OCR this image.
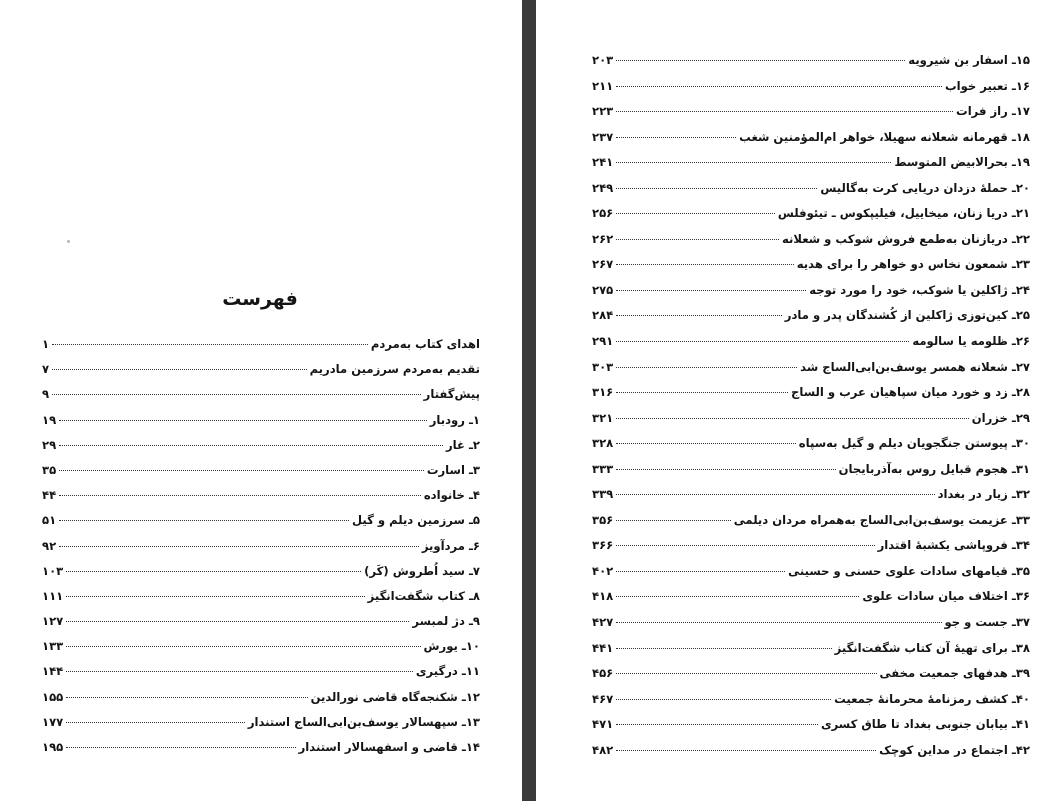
فهرست
اهدای کتاب به‌مردم
۱
تقدیم به‌مردم سرزمین مادریم
۷
پیش‌گفتار
۹
۱ـ رودبار
۱۹
۲ـ غار
۲۹
۳ـ اسارت
۳۵
۴ـ خانواده
۴۴
۵ـ سرزمین دیلم و گیل
۵۱
۶ـ مردآویز
۹۲
۷ـ سید اُطروش (کَر)
۱۰۳
۸ـ کتاب شگفت‌انگیز
۱۱۱
۹ـ دژ لمبسر
۱۲۷
۱۰ـ یورش
۱۳۳
۱۱ـ درگیری
۱۴۴
۱۲ـ شکنجه‌گاه قاضی نورالدین
۱۵۵
۱۳ـ سپهسالار یوسف‌بن‌ابی‌الساج استندار
۱۷۷
۱۴ـ قاضی و اسفهسالار استندار
۱۹۵
۱۵ـ اسفار بن شیرویه
۲۰۳
۱۶ـ تعبیر خواب
۲۱۱
۱۷ـ راز فرات
۲۲۳
۱۸ـ قهرمانه شعلانه سهیلا، خواهر ام‌المؤمنین شغب
۲۳۷
۱۹ـ بحرالابیض المتوسط
۲۴۱
۲۰ـ حملهٔ دزدان دریایی کرت به‌گالیس
۲۴۹
۲۱ـ دریا زنان، میخاییل، فیلیپکوس ـ تیئوفلس
۲۵۶
۲۲ـ دریازنان به‌طمع فروش شوکب و شعلانه
۲۶۲
۲۳ـ شمعون نخاس دو خواهر را برای هدیه
۲۶۷
۲۴ـ ژاکلین یا شوکب، خود را مورد توجه
۲۷۵
۲۵ـ کین‌توزی ژاکلین از کُشندگان پدر و مادر
۲۸۴
۲۶ـ ظلومه یا سالومه
۲۹۱
۲۷ـ شعلانه همسر یوسف‌بن‌ابی‌الساج شد
۳۰۳
۲۸ـ زد و خورد میان سپاهیان عرب و الساج
۳۱۶
۲۹ـ خزران
۳۲۱
۳۰ـ پیوستن جنگجویان دیلم و گیل به‌سپاه
۳۲۸
۳۱ـ هجوم قبایل روس به‌آذربایجان
۳۳۳
۳۲ـ زیار در بغداد
۳۳۹
۳۳ـ عزیمت یوسف‌بن‌ابی‌الساج به‌همراه مردان دیلمی
۳۵۶
۳۴ـ فروپاشی یکشبهٔ اقتدار
۳۶۶
۳۵ـ قیامهای سادات علوی حسنی و حسینی
۴۰۲
۳۶ـ اختلاف میان سادات علوی
۴۱۸
۳۷ـ جست و جو
۴۲۷
۳۸ـ برای تهیهٔ آن کتاب شگفت‌انگیز
۴۴۱
۳۹ـ هدفهای جمعیت مخفی
۴۵۶
۴۰ـ کشف رمزنامهٔ محرمانهٔ جمعیت
۴۶۷
۴۱ـ بیابان جنوبی بغداد تا طاق کسری
۴۷۱
۴۲ـ اجتماع در مداین کوچک
۴۸۲
